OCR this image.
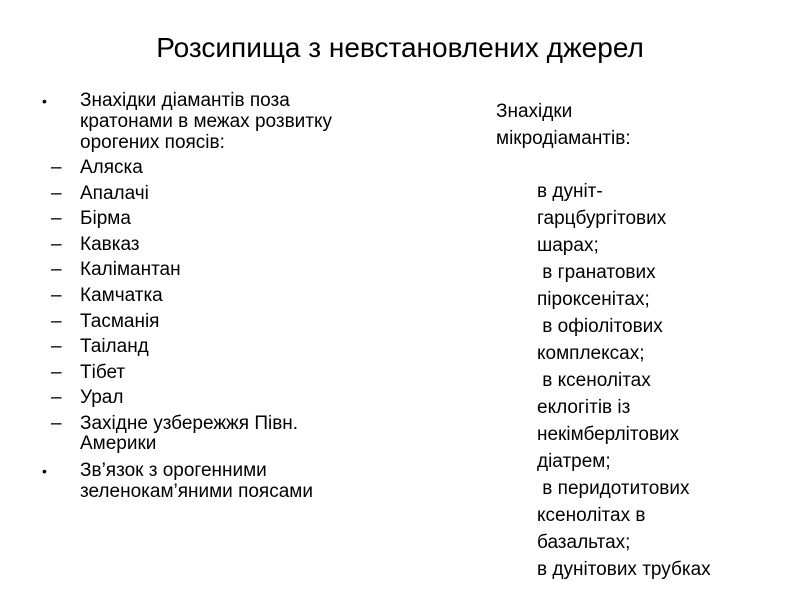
Розсипища з невстановлених джерел
• Знахідки діамантів поза кратонами в межах розвитку орогених поясів:
– Аляска
– Апалачі
– Бірма
– Кавказ
– Калімантан
– Камчатка
– Тасманія
– Таіланд
– Тібет
– Урал
– Західне узбережжя Півн. Америки
• Зв’язок з орогенними зеленокам’яними поясами
Знахідки
мікродіамантів:
в дуніт-
гарцбургітових
шарах;
в гранатових
піроксенітах;
в офіолітових
комплексах;
в ксенолітах
еклогітів із
некімберлітових
діатрем;
в перидотитових
ксенолітах в
базальтах;
в дунітових трубках
